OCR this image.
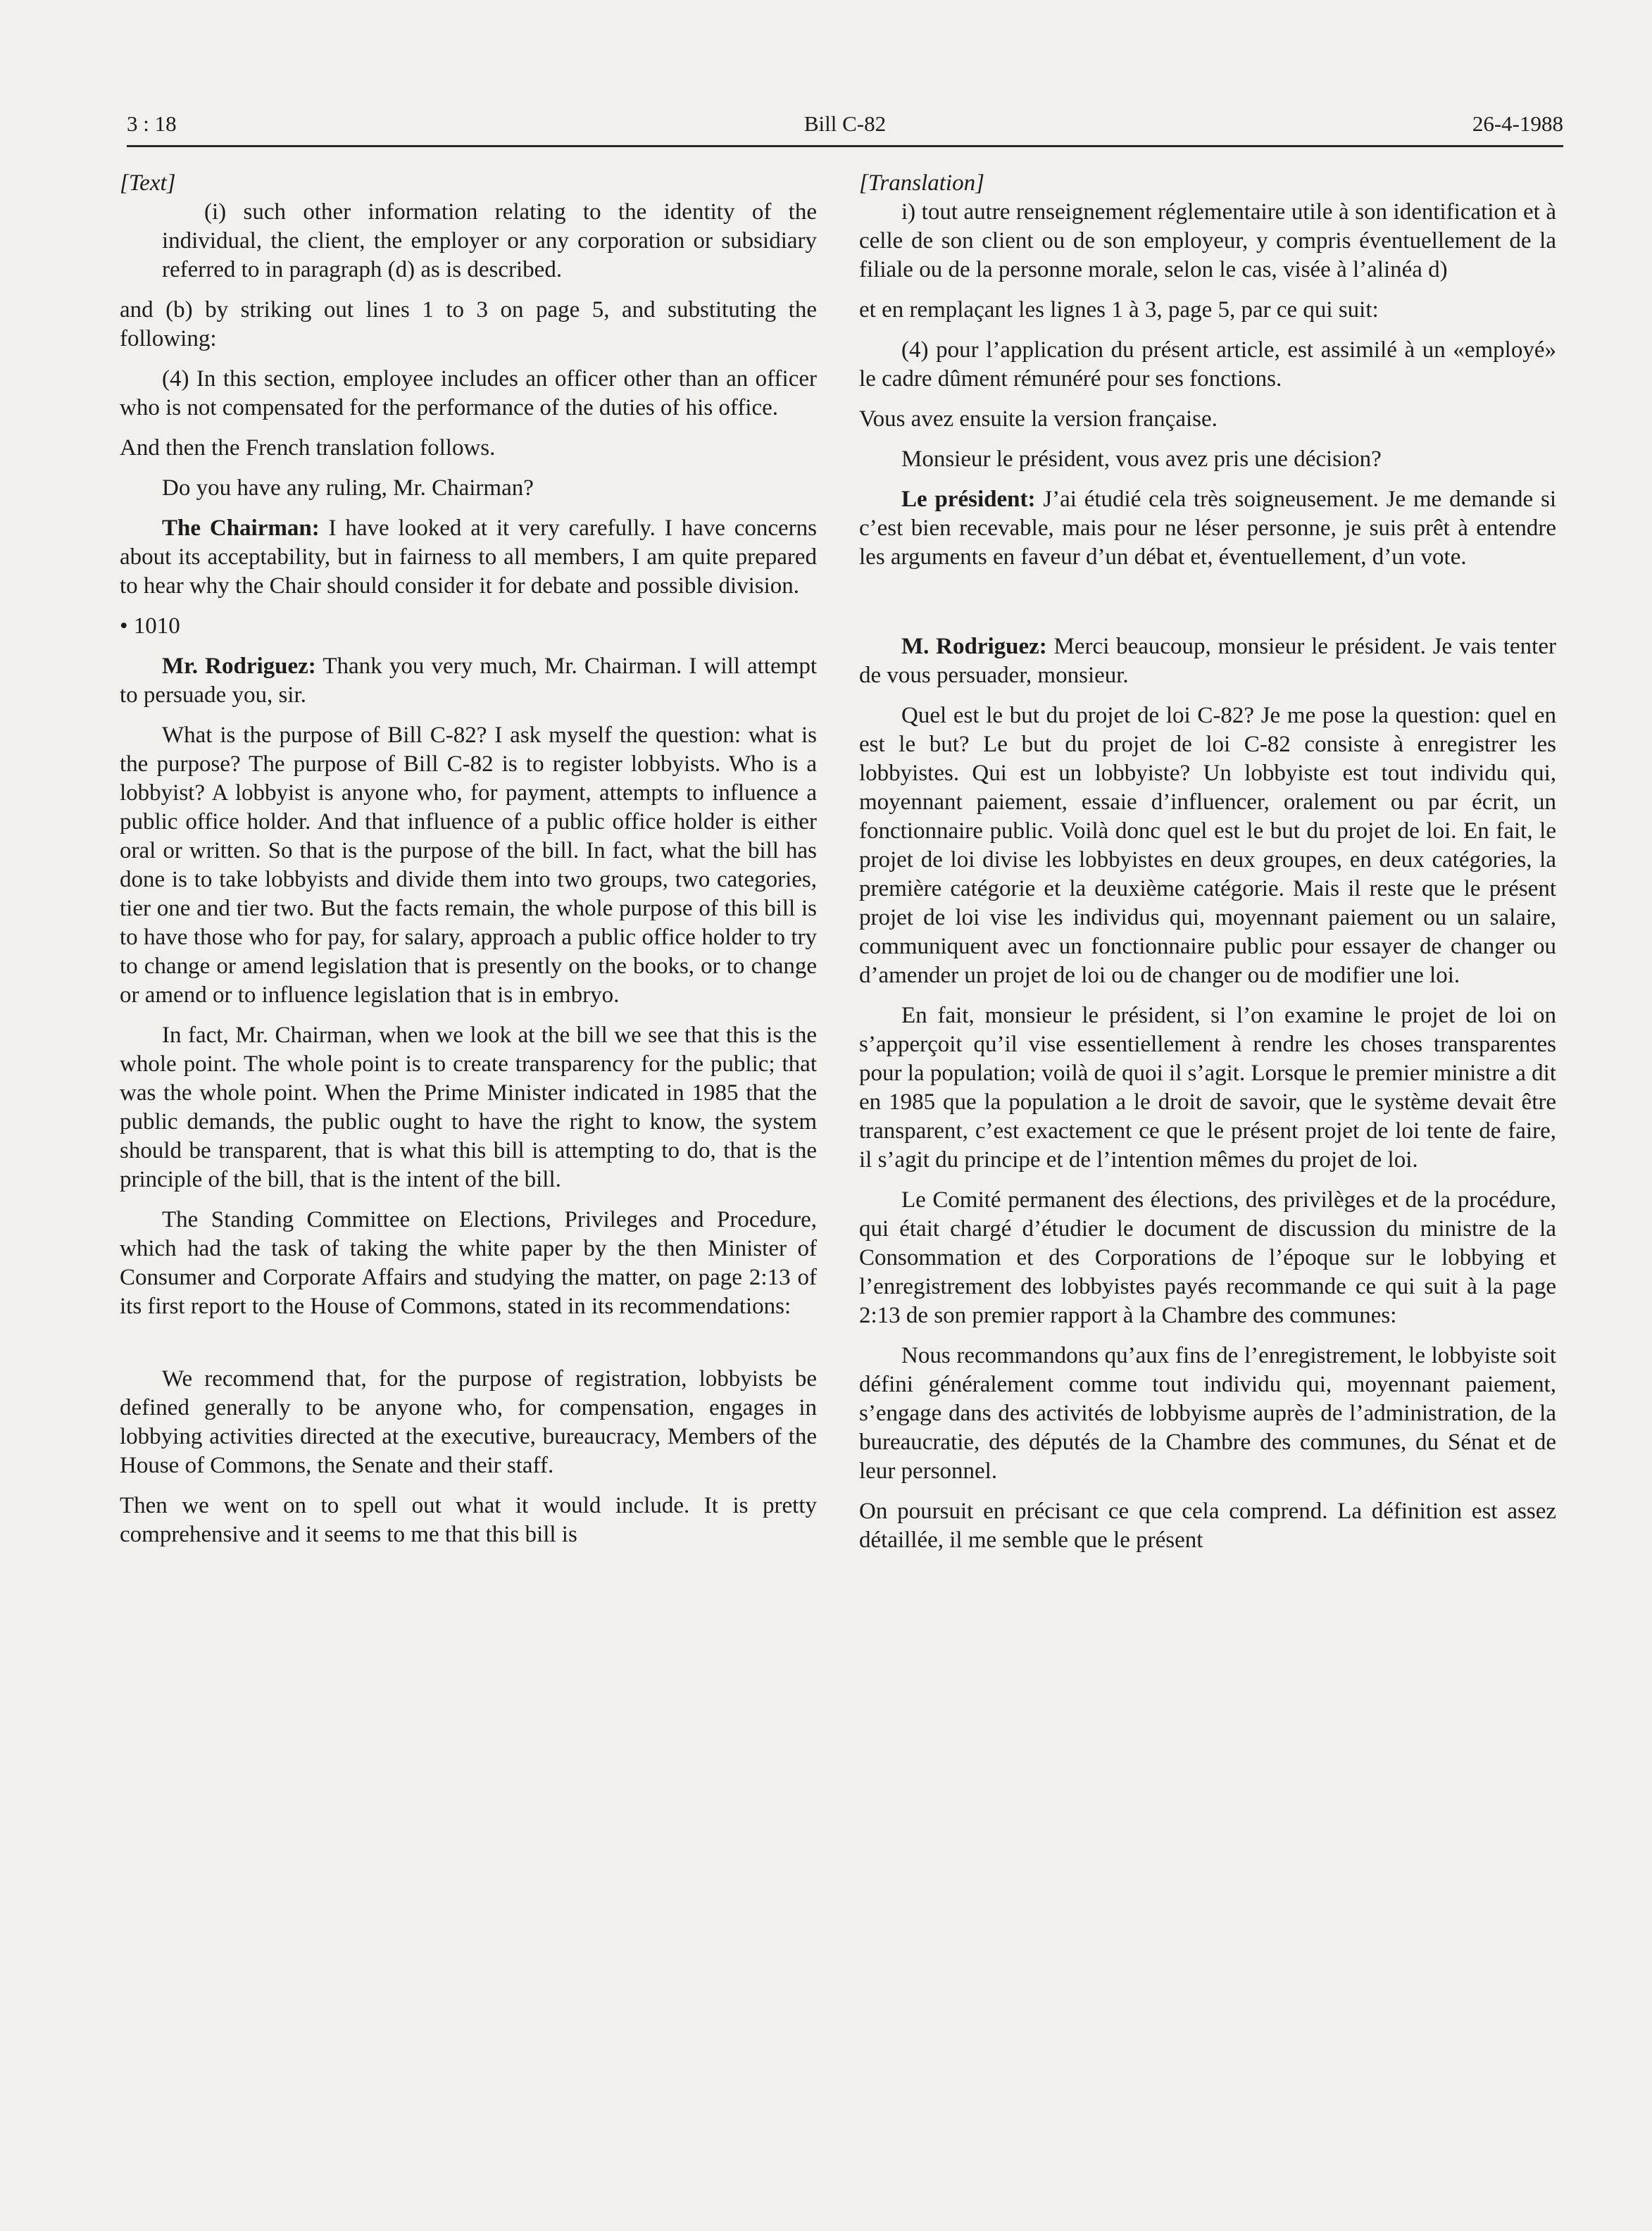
Bill C-82
3 : 18	26-4-1988

[Text]

(i) such other information relating to the identity of the individual, the client, the employer or any corporation or subsidiary referred to in paragraph (d) as is described.

and (b) by striking out lines 1 to 3 on page 5, and substituting the following:

(4) In this section, employee includes an officer other than an officer who is not compensated for the performance of the duties of his office.

And then the French translation follows.

Do you have any ruling, Mr. Chairman?

The Chairman: I have looked at it very carefully. I have concerns about its acceptability, but in fairness to all members, I am quite prepared to hear why the Chair should consider it for debate and possible division.

• 1010

Mr. Rodriguez: Thank you very much, Mr. Chairman. I will attempt to persuade you, sir.

What is the purpose of Bill C-82? I ask myself the question: what is the purpose? The purpose of Bill C-82 is to register lobbyists. Who is a lobbyist? A lobbyist is anyone who, for payment, attempts to influence a public office holder. And that influence of a public office holder is either oral or written. So that is the purpose of the bill. In fact, what the bill has done is to take lobbyists and divide them into two groups, two categories, tier one and tier two. But the facts remain, the whole purpose of this bill is to have those who for pay, for salary, approach a public office holder to try to change or amend legislation that is presently on the books, or to change or amend or to influence legislation that is in embryo.

In fact, Mr. Chairman, when we look at the bill we see that this is the whole point. The whole point is to create transparency for the public; that was the whole point. When the Prime Minister indicated in 1985 that the public demands, the public ought to have the right to know, the system should be transparent, that is what this bill is attempting to do, that is the principle of the bill, that is the intent of the bill.

The Standing Committee on Elections, Privileges and Procedure, which had the task of taking the white paper by the then Minister of Consumer and Corporate Affairs and studying the matter, on page 2:13 of its first report to the House of Commons, stated in its recommendations:

We recommend that, for the purpose of registration, lobbyists be defined generally to be anyone who, for compensation, engages in lobbying activities directed at the executive, bureaucracy, Members of the House of Commons, the Senate and their staff.

Then we went on to spell out what it would include. It is pretty comprehensive and it seems to me that this bill is

[Translation]

i) tout autre renseignement réglementaire utile à son identification et à celle de son client ou de son employeur, y compris éventuellement de la filiale ou de la personne morale, selon le cas, visée à l’alinéa d)

et en remplaçant les lignes 1 à 3, page 5, par ce qui suit:

(4) pour l’application du présent article, est assimilé à un «employé» le cadre dûment rémunéré pour ses fonctions.

Vous avez ensuite la version française.

Monsieur le président, vous avez pris une décision?

Le président: J’ai étudié cela très soigneusement. Je me demande si c’est bien recevable, mais pour ne léser personne, je suis prêt à entendre les arguments en faveur d’un débat et, éventuellement, d’un vote.

M. Rodriguez: Merci beaucoup, monsieur le président. Je vais tenter de vous persuader, monsieur.

Quel est le but du projet de loi C-82? Je me pose la question: quel en est le but? Le but du projet de loi C-82 consiste à enregistrer les lobbyistes. Qui est un lobbyiste? Un lobbyiste est tout individu qui, moyennant paiement, essaie d’influencer, oralement ou par écrit, un fonctionnaire public. Voilà donc quel est le but du projet de loi. En fait, le projet de loi divise les lobbyistes en deux groupes, en deux catégories, la première catégorie et la deuxième catégorie. Mais il reste que le présent projet de loi vise les individus qui, moyennant paiement ou un salaire, communiquent avec un fonctionnaire public pour essayer de changer ou d’amender un projet de loi ou de changer ou de modifier une loi.

En fait, monsieur le président, si l’on examine le projet de loi on s’apperçoit qu’il vise essentiellement à rendre les choses transparentes pour la population; voilà de quoi il s’agit. Lorsque le premier ministre a dit en 1985 que la population a le droit de savoir, que le système devait être transparent, c’est exactement ce que le présent projet de loi tente de faire, il s’agit du principe et de l’intention mêmes du projet de loi.

Le Comité permanent des élections, des privilèges et de la procédure, qui était chargé d’étudier le document de discussion du ministre de la Consommation et des Corporations de l’époque sur le lobbying et l’enregistrement des lobbyistes payés recommande ce qui suit à la page 2:13 de son premier rapport à la Chambre des communes:

Nous recommandons qu’aux fins de l’enregistrement, le lobbyiste soit défini généralement comme tout individu qui, moyennant paiement, s’engage dans des activités de lobbyisme auprès de l’administration, de la bureaucratie, des députés de la Chambre des communes, du Sénat et de leur personnel.

On poursuit en précisant ce que cela comprend. La définition est assez détaillée, il me semble que le présent
